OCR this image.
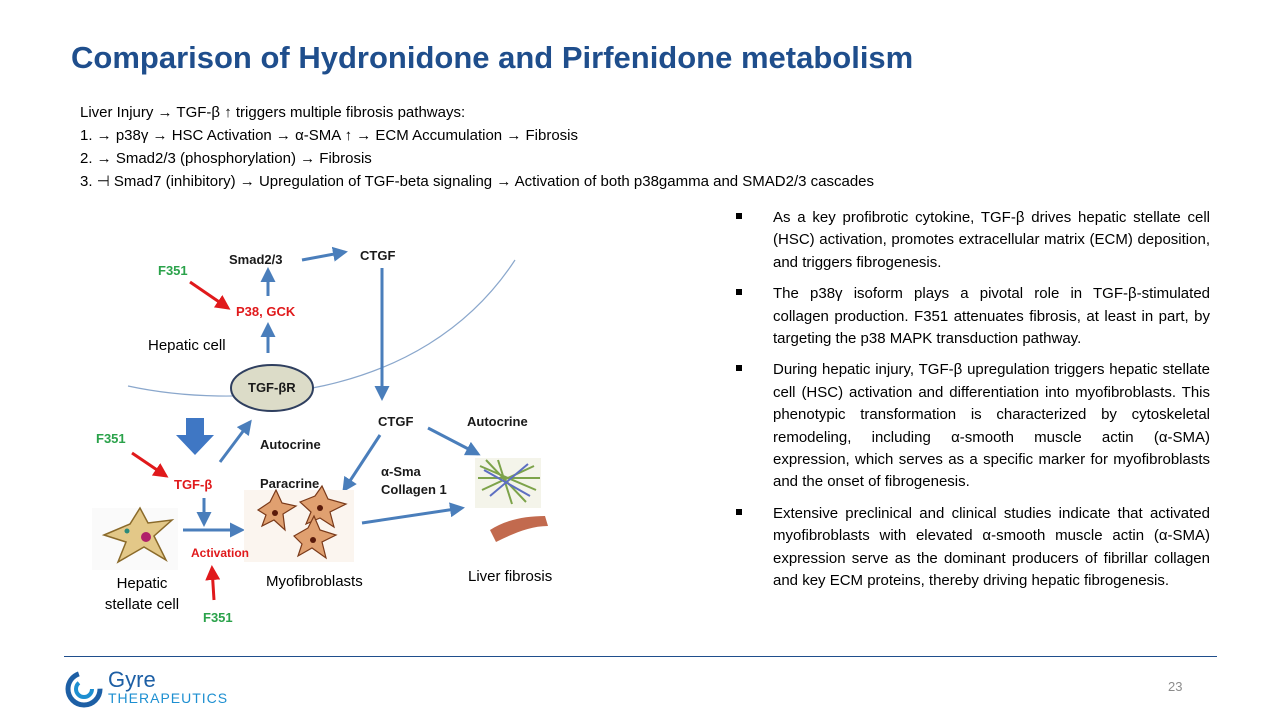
Comparison of Hydronidone and Pirfenidone metabolism
Liver Injury → TGF-β ↑ triggers multiple fibrosis pathways:
1. → p38γ → HSC Activation → α-SMA ↑ → ECM Accumulation → Fibrosis
2. → Smad2/3 (phosphorylation) → Fibrosis
3. ⊣ Smad7 (inhibitory) → Upregulation of TGF-beta signaling → Activation of both p38gamma and SMAD2/3 cascades
Smad2/3	CTGF
F351
P38, GCK
Hepatic cell
TGF-βR
CTGF	Autocrine
F351	Autocrine
α-Sma
Collagen 1
TGF-β	Paracrine
Activation
Hepatic
stellate cell
Myofibroblasts	Liver fibrosis
F351
As a key profibrotic cytokine, TGF-β drives hepatic stellate cell (HSC) activation, promotes extracellular matrix (ECM) deposition, and triggers fibrogenesis.
The p38γ isoform plays a pivotal role in TGF-β-stimulated collagen production. F351 attenuates fibrosis, at least in part, by targeting the p38 MAPK transduction pathway.
During hepatic injury, TGF-β upregulation triggers hepatic stellate cell (HSC) activation and differentiation into myofibroblasts. This phenotypic transformation is characterized by cytoskeletal remodeling, including α-smooth muscle actin (α-SMA) expression, which serves as a specific marker for myofibroblasts and the onset of fibrogenesis.
Extensive preclinical and clinical studies indicate that activated myofibroblasts with elevated α-smooth muscle actin (α-SMA) expression serve as the dominant producers of fibrillar collagen and key ECM proteins, thereby driving hepatic fibrogenesis.
Gyre
THERAPEUTICS
23
